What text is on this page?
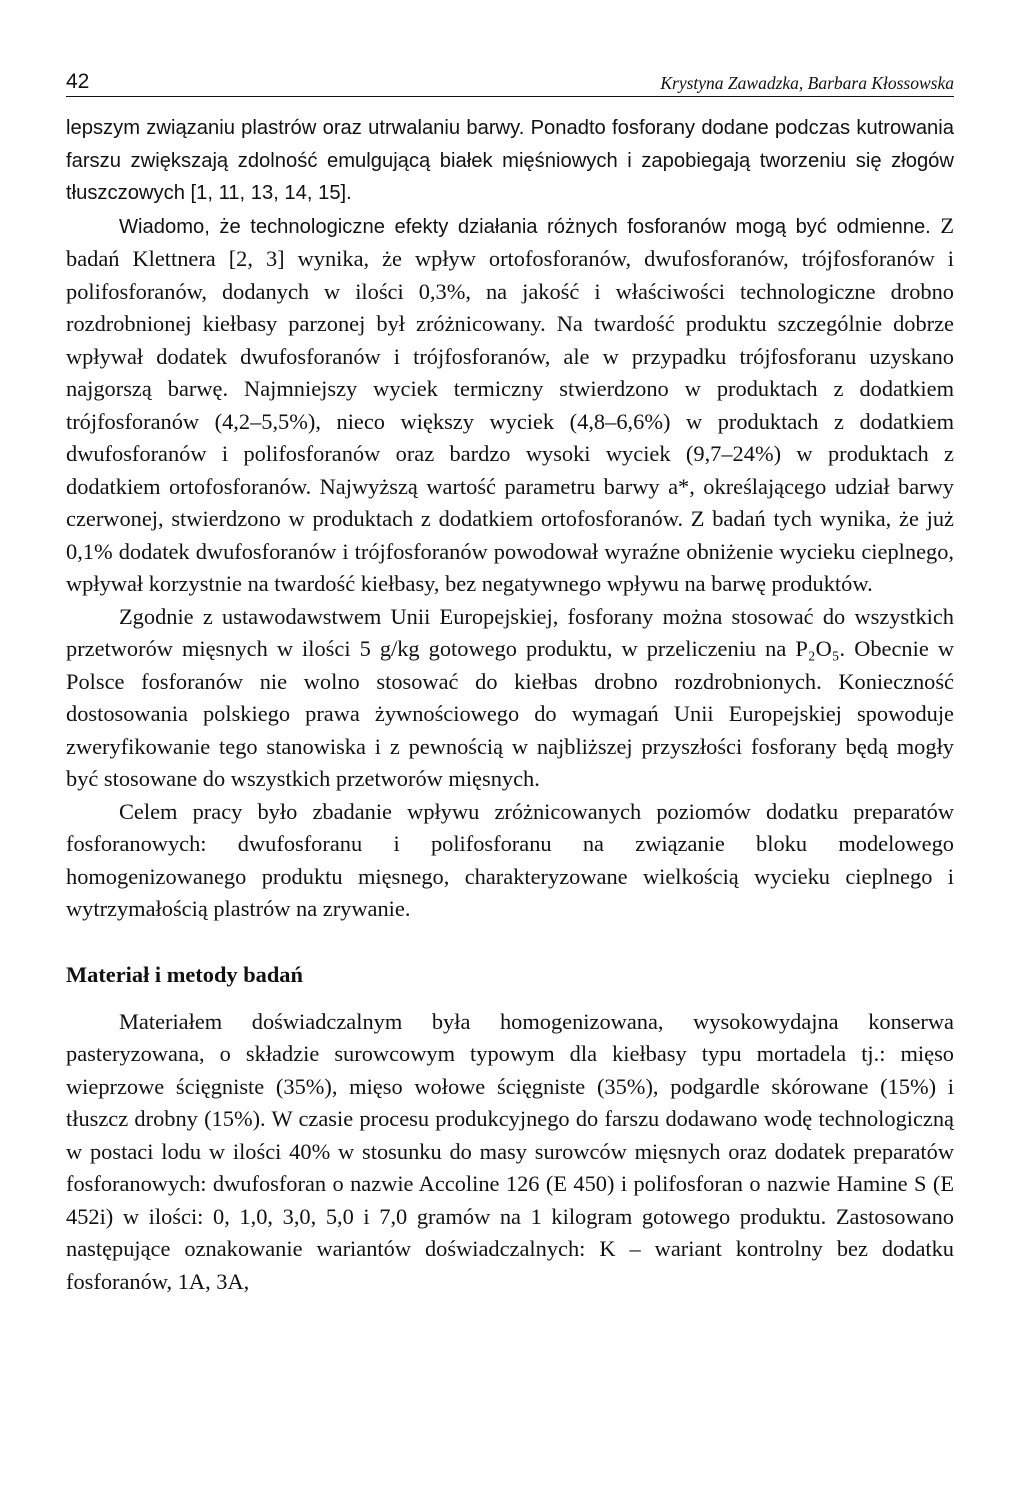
42	Krystyna Zawadzka, Barbara Kłossowska

lepszym związaniu plastrów oraz utrwalaniu barwy. Ponadto fosforany dodane podczas kutrowania farszu zwiększają zdolność emulgującą białek mięśniowych i zapobiegają tworzeniu się złogów tłuszczowych [1, 11, 13, 14, 15].

Wiadomo, że technologiczne efekty działania różnych fosforanów mogą być odmienne. Z badań Klettnera [2, 3] wynika, że wpływ ortofosforanów, dwufosforanów, trójfosforanów i polifosforanów, dodanych w ilości 0,3%, na jakość i właściwości technologiczne drobno rozdrobnionej kiełbasy parzonej był zróżnicowany. Na twardość produktu szczególnie dobrze wpływał dodatek dwufosforanów i trójfosforanów, ale w przypadku trójfosforanu uzyskano najgorszą barwę. Najmniejszy wyciek termiczny stwierdzono w produktach z dodatkiem trójfosforanów (4,2–5,5%), nieco większy wyciek (4,8–6,6%) w produktach z dodatkiem dwufosforanów i polifosforanów oraz bardzo wysoki wyciek (9,7–24%) w produktach z dodatkiem ortofosforanów. Najwyższą wartość parametru barwy a*, określającego udział barwy czerwonej, stwierdzono w produktach z dodatkiem ortofosforanów. Z badań tych wynika, że już 0,1% dodatek dwufosforanów i trójfosforanów powodował wyraźne obniżenie wycieku cieplnego, wpływał korzystnie na twardość kiełbasy, bez negatywnego wpływu na barwę produktów.

Zgodnie z ustawodawstwem Unii Europejskiej, fosforany można stosować do wszystkich przetworów mięsnych w ilości 5 g/kg gotowego produktu, w przeliczeniu na P₂O₅. Obecnie w Polsce fosforanów nie wolno stosować do kiełbas drobno rozdrobnionych. Konieczność dostosowania polskiego prawa żywnościowego do wymagań Unii Europejskiej spowoduje zweryfikowanie tego stanowiska i z pewnością w najbliższej przyszłości fosforany będą mogły być stosowane do wszystkich przetworów mięsnych.

Celem pracy było zbadanie wpływu zróżnicowanych poziomów dodatku preparatów fosforanowych: dwufosforanu i polifosforanu na związanie bloku modelowego homogenizowanego produktu mięsnego, charakteryzowane wielkością wycieku cieplnego i wytrzymałością plastrów na zrywanie.

Materiał i metody badań

Materiałem doświadczalnym była homogenizowana, wysokowydajna konserwa pasteryzowana, o składzie surowcowym typowym dla kiełbasy typu mortadela tj.: mięso wieprzowe ścięgniste (35%), mięso wołowe ścięgniste (35%), podgardle skórowane (15%) i tłuszcz drobny (15%). W czasie procesu produkcyjnego do farszu dodawano wodę technologiczną w postaci lodu w ilości 40% w stosunku do masy surowców mięsnych oraz dodatek preparatów fosforanowych: dwufosforan o nazwie Accoline 126 (E 450) i polifosforan o nazwie Hamine S (E 452i) w ilości: 0, 1,0, 3,0, 5,0 i 7,0 gramów na 1 kilogram gotowego produktu. Zastosowano następujące oznakowanie wariantów doświadczalnych: K – wariant kontrolny bez dodatku fosforanów, 1A, 3A,
